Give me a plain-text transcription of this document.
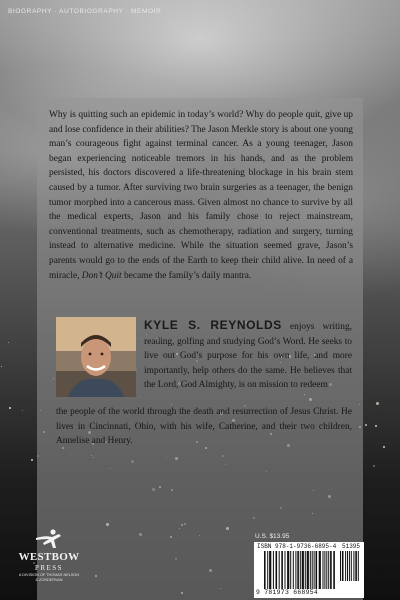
BIOGRAPHY · AUTOBIOGRAPHY · MEMOIR

Why is quitting such an epidemic in today’s world? Why do people quit, give up and lose confidence in their abilities? The Jason Merkle story is about one young man’s courageous fight against terminal cancer. As a young teenager, Jason began experiencing noticeable tremors in his hands, and as the problem persisted, his doctors discovered a life-threatening blockage in his brain stem caused by a tumor. After surviving two brain surgeries as a teenager, the benign tumor morphed into a cancerous mass. Given almost no chance to survive by all the medical experts, Jason and his family chose to reject mainstream, conventional treatments, such as chemotherapy, radiation and surgery, turning instead to alternative medicine. While the situation seemed grave, Jason’s parents would go to the ends of the Earth to keep their child alive. In need of a miracle, Don’t Quit became the family’s daily mantra.

KYLE S. REYNOLDS enjoys writing, reading, golfing and studying God’s Word. He seeks to live out God’s purpose for his own life, and more importantly, help others do the same. He believes that the Lord, God Almighty, is on mission to redeem

the people of the world through the death and resurrection of Jesus Christ. He lives in Cincinnati, Ohio, with his wife, Catherine, and their two children, Annelise and Henry.

U.S. $13.95
ISBN 978-1-9736-6895-4 51395
9 781973 668954
WESTBOW
PRESS
A DIVISION OF THOMAS NELSON
& ZONDERVAN
